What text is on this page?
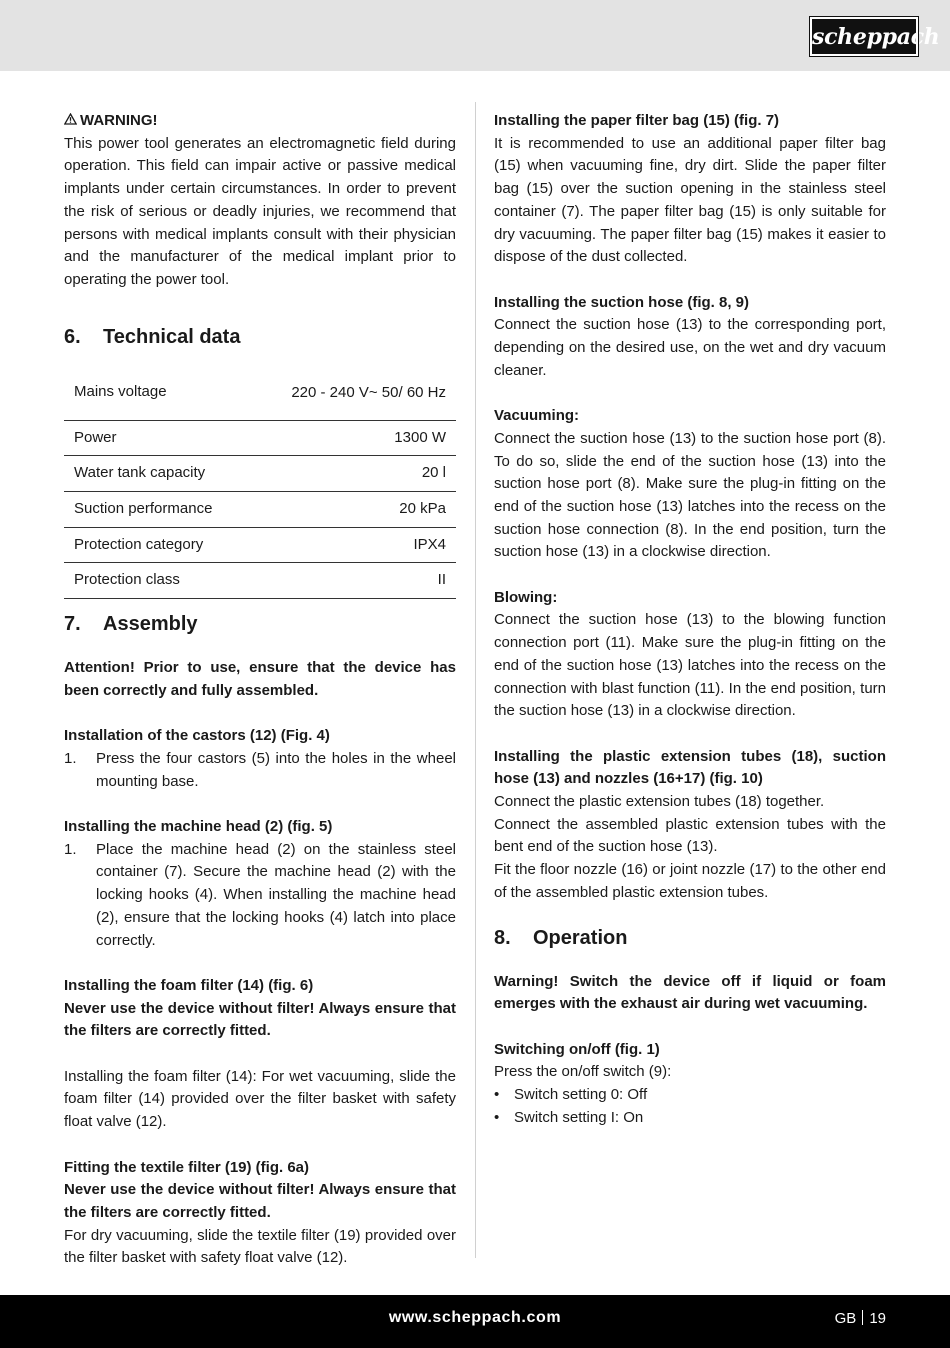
scheppach

WARNING!

This power tool generates an electromagnetic field during operation. This field can impair active or passive medical implants under certain circumstances. In order to prevent the risk of serious or deadly injuries, we recommend that persons with medical implants consult with their physician and the manufacturer of the medical implant prior to operating the power tool.

6.	Technical data
Mains voltage	220 - 240 V~ 50/ 60 Hz
Power	1300 W
Water tank capacity	20 l
Suction performance	20 kPa
Protection category	IPX4
Protection class	II
7.	Assembly

Attention! Prior to use, ensure that the device has been correctly and fully assembled.

Installation of the castors (12) (Fig. 4)

1.	Press the four castors (5) into the holes in the wheel mounting base.

Installing the machine head (2) (fig. 5)

1.	Place the machine head (2) on the stainless steel container (7). Secure the machine head (2) with the locking hooks (4). When installing the machine head (2), ensure that the locking hooks (4) latch into place correctly.

Installing the foam filter (14) (fig. 6)

Never use the device without filter! Always ensure that the filters are correctly fitted.

Installing the foam filter (14): For wet vacuuming, slide the foam filter (14) provided over the filter basket with safety float valve (12).

Fitting the textile filter (19) (fig. 6a)

Never use the device without filter! Always ensure that the filters are correctly fitted.

For dry vacuuming, slide the textile filter (19) provided over the filter basket with safety float valve (12).

Installing the paper filter bag (15) (fig. 7)

It is recommended to use an additional paper filter bag (15) when vacuuming fine, dry dirt. Slide the paper filter bag (15) over the suction opening in the stainless steel container (7). The paper filter bag (15) is only suitable for dry vacuuming. The paper filter bag (15) makes it easier to dispose of the dust collected.

Installing the suction hose (fig. 8, 9)

Connect the suction hose (13) to the corresponding port, depending on the desired use, on the wet and dry vacuum cleaner.

Vacuuming:

Connect the suction hose (13) to the suction hose port (8). To do so, slide the end of the suction hose (13) into the suction hose port (8). Make sure the plug-in fitting on the end of the suction hose (13) latches into the recess on the suction hose connection (8). In the end position, turn the suction hose (13) in a clockwise direction.

Blowing:

Connect the suction hose (13) to the blowing function connection port (11). Make sure the plug-in fitting on the end of the suction hose (13) latches into the recess on the connection with blast function (11). In the end position, turn the suction hose (13) in a clockwise direction.

Installing the plastic extension tubes (18), suction hose (13) and nozzles (16+17) (fig. 10)

Connect the plastic extension tubes (18) together.

Connect the assembled plastic extension tubes with the bent end of the suction hose (13).

Fit the floor nozzle (16) or joint nozzle (17) to the other end of the assembled plastic extension tubes.

8.	Operation

Warning! Switch the device off if liquid or foam emerges with the exhaust air during wet vacuuming.

Switching on/off (fig. 1)

Press the on/off switch (9):

• Switch setting 0: Off
• Switch setting I: On
www.scheppach.com	GB 19
